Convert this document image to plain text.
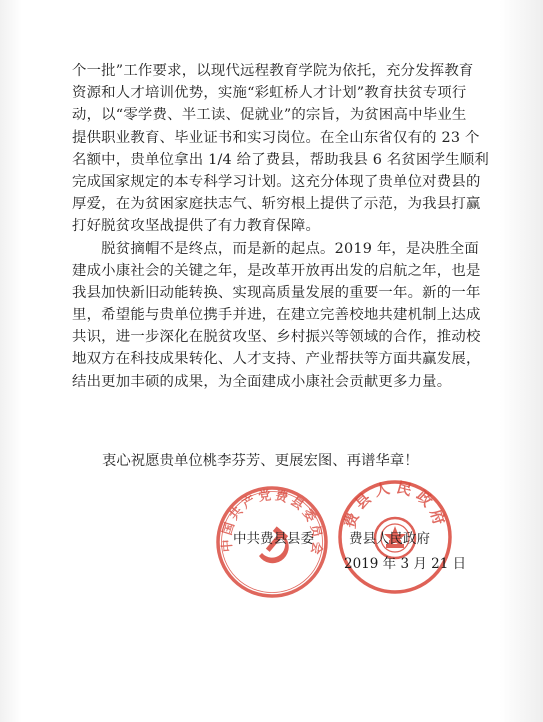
个一批”工作要求，以现代远程教育学院为依托，充分发挥教育
资源和人才培训优势，实施“彩虹桥人才计划”教育扶贫专项行
动，以“零学费、半工读、促就业”的宗旨，为贫困高中毕业生
提供职业教育、毕业证书和实习岗位。在全山东省仅有的 23 个
名额中，贵单位拿出 1/4 给了费县，帮助我县 6 名贫困学生顺利
完成国家规定的本专科学习计划。这充分体现了贵单位对费县的
厚爱，在为贫困家庭扶志气、斩穷根上提供了示范，为我县打赢
打好脱贫攻坚战提供了有力教育保障。
　　脱贫摘帽不是终点，而是新的起点。2019 年，是决胜全面
建成小康社会的关键之年，是改革开放再出发的启航之年，也是
我县加快新旧动能转换、实现高质量发展的重要一年。新的一年
里，希望能与贵单位携手并进，在建立完善校地共建机制上达成
共识，进一步深化在脱贫攻坚、乡村振兴等领域的合作，推动校
地双方在科技成果转化、人才支持、产业帮扶等方面共赢发展，
结出更加丰硕的成果，为全面建成小康社会贡献更多力量。
衷心祝愿贵单位桃李芬芳、更展宏图、再谱华章！
中国共产党费县委员会
费县人民政府
中共费县县委	费县人民政府
2019 年 3 月 21 日
